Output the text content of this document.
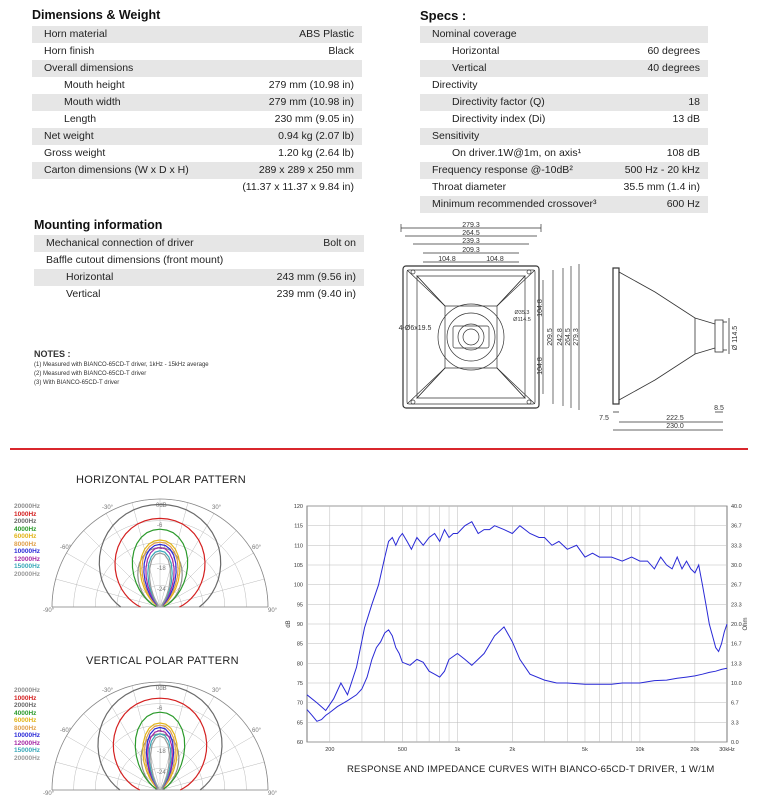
Dimensions & Weight
Horn material	ABS Plastic
Horn finish	Black
Overall dimensions
Mouth height	279 mm (10.98 in)
Mouth width	279 mm (10.98 in)
Length	230 mm (9.05 in)
Net weight	0.94 kg (2.07 lb)
Gross weight	1.20 kg (2.64 lb)
Carton dimensions (W x D x H)	289 x 289 x 250 mm
(11.37 x 11.37 x 9.84 in)
Mounting information
Mechanical connection of driver	Bolt on
Baffle cutout dimensions (front mount)
Horizontal	243 mm (9.56 in)
Vertical	239 mm (9.40 in)
NOTES :
(1) Measured with BIANCO-65CD-T driver, 1kHz - 15kHz average
(2) Measured with BIANCO-65CD-T driver
(3) With BIANCO-65CD-T driver
Specs :
Nominal coverage
Horizontal	60 degrees
Vertical	40 degrees
Directivity
Directivity factor (Q)	18
Directivity index (Di)	13 dB
Sensitivity
On driver.1W@1m, on axis¹	108 dB
Frequency response @-10dB²	500 Hz - 20 kHz
Throat diameter	35.5 mm (1.4 in)
Minimum recommended crossover³	600 Hz
279.3
264.5
239.3
209.3
104.8	104.8
Ø35.3
Ø114.5
4-Ø6x19.5
104.8
104.8
209.5 242.8 264.5 279.3	Ø 114.5
7.5	222.5
230.0
8.5
HORIZONTAL POLAR PATTERN
VERTICAL POLAR PATTERN
20000Hz
1000Hz
2000Hz
4000Hz
6000Hz
8000Hz
10000Hz
12000Hz
15000Hz
20000Hz
20000Hz
1000Hz
2000Hz
4000Hz
6000Hz
8000Hz
10000Hz
12000Hz
15000Hz
20000Hz
-30°	30°
-60°	60°
-90°	90°
0dB
-6
-12
-18
-24
-30°	30°
-60°	60°
-90°	90°
0dB
-6
-12
-18
-24
60
65
70
75
80
85
90
95
100
105
110
115
120
0.0
3.3
6.7
10.0
13.3
16.7
20.0
23.3
26.7
30.0
33.3
36.7
40.0
200	500	1k	2k	5k	10k	20k	30kHz
dB	Ohm
RESPONSE AND IMPEDANCE CURVES WITH BIANCO-65CD-T DRIVER, 1 W/1M
